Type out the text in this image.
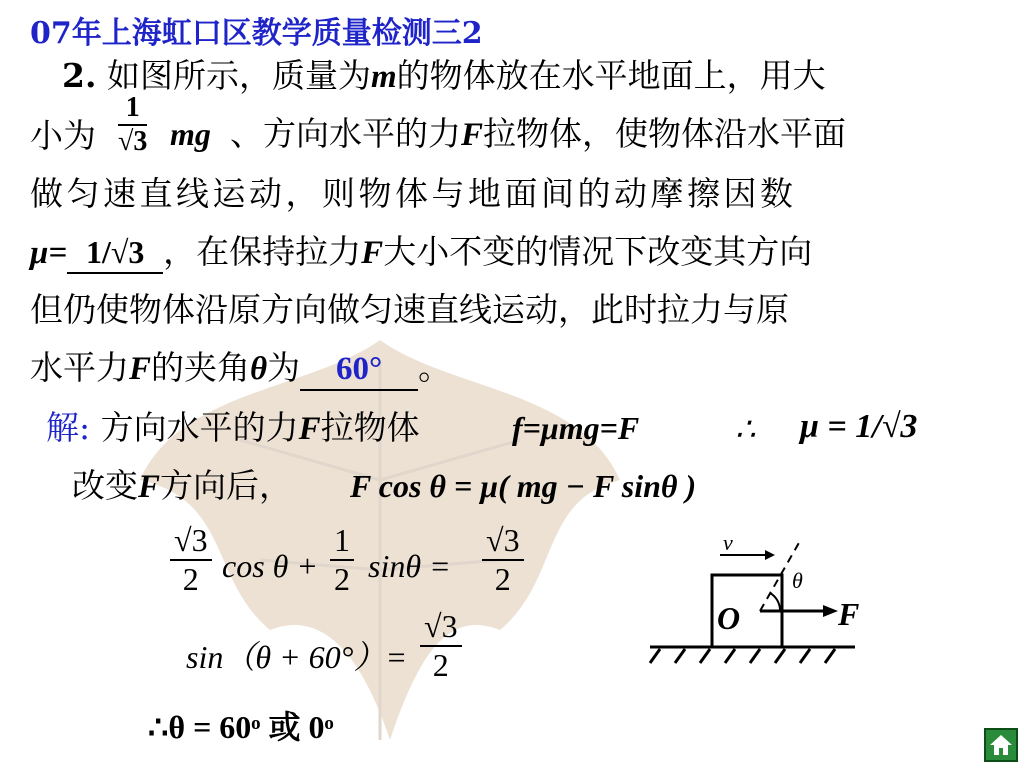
07年上海虹口区教学质量检测三2
2. 如图所示，质量为m的物体放在水平地面上，用大
小为 $\frac{1}{√3}$ mg 、方向水平的力F拉物体，使物体沿水平面
做匀速直线运动，则物体与地面间的动摩擦因数
μ= 1/√3 ，在保持拉力F大小不变的情况下改变其方向
但仍使物体沿原方向做匀速直线运动，此时拉力与原
水平力F的夹角θ为 60° 。
解: 方向水平的力F拉物体	f=μmg=F	∴ μ = 1/√3
改变F方向后， F cos θ = μ( mg − F sinθ )
$\frac{√3}{2}$ $\cos \theta + \frac{1}{2}$ $\sin\theta = \frac{√3}{2}$
$\sin(\theta + 60^\circ)= \frac{√3}{2}$
∴θ = 60ᵒ 或 0ᵒ
v
θ
O	F
